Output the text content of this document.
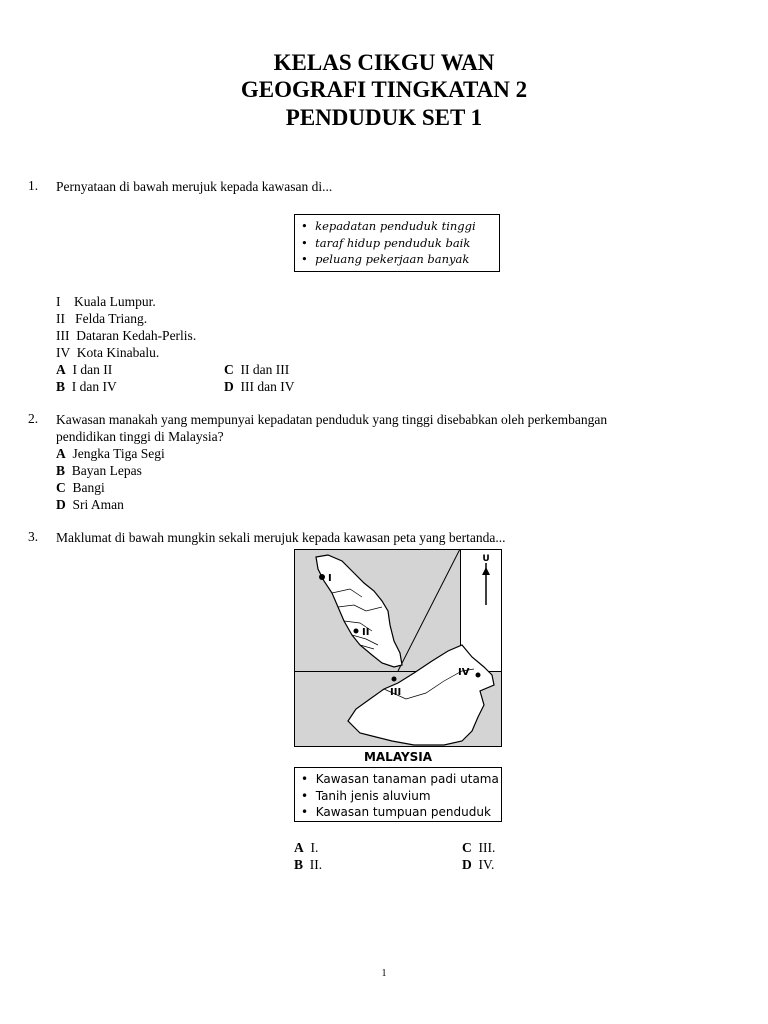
KELAS CIKGU WAN
GEOGRAFI TINGKATAN 2
PENDUDUK SET 1
1. Pernyataan di bawah merujuk kepada kawasan di...
•  kepadatan penduduk tinggi
•  taraf hidup penduduk baik
•  peluang pekerjaan banyak
I    Kuala Lumpur.
II   Felda Triang.
III  Dataran Kedah-Perlis.
IV  Kota Kinabalu.
A I dan II	C II dan III
B I dan IV	D III dan IV
2. Kawasan manakah yang mempunyai kepadatan penduduk yang tinggi disebabkan oleh perkembangan
pendidikan tinggi di Malaysia?
A Jengka Tiga Segi
B Bayan Lepas
C Bangi
D Sri Aman
3. Maklumat di bawah mungkin sekali merujuk kepada kawasan peta yang bertanda...
I
II
III
IV
U
MALAYSIA
•  Kawasan tanaman padi utama
•  Tanih jenis aluvium
•  Kawasan tumpuan penduduk
A I.	C III.
B II.	D IV.
1
